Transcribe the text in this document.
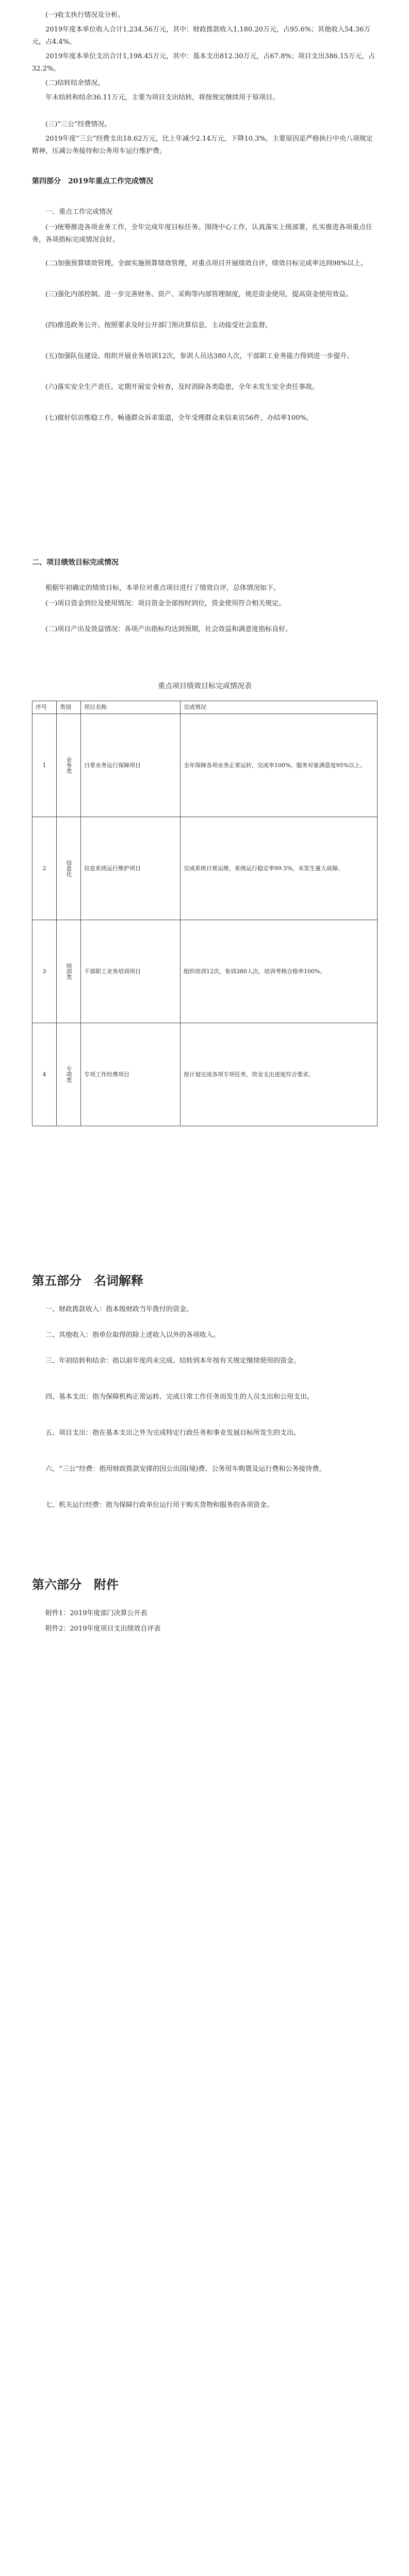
(一)收支执行情况及分析。

2019年度本单位收入合计1,234.56万元，其中：财政拨款收入1,180.20万元，占95.6%；其他收入54.36万元，占4.4%。

2019年度本单位支出合计1,198.45万元，其中：基本支出812.30万元，占67.8%；项目支出386.15万元，占32.2%。

(二)结转结余情况。

年末结转和结余36.11万元，主要为项目支出结转，将按规定继续用于原项目。

(三)“三公”经费情况。

2019年度“三公”经费支出18.62万元，比上年减少2.14万元，下降10.3%，主要原因是严格执行中央八项规定精神，压减公务接待和公务用车运行维护费。

第四部分　2019年重点工作完成情况

一、重点工作完成情况

(一)统筹推进各项业务工作，全年完成年度目标任务。围绕中心工作，认真落实上级部署，扎实推进各项重点任务，各项指标完成情况良好。

(二)加强预算绩效管理。全面实施预算绩效管理，对重点项目开展绩效自评，绩效目标完成率达到98%以上。

(三)强化内部控制。进一步完善财务、资产、采购等内部管理制度，规范资金使用，提高资金使用效益。

(四)推进政务公开。按照要求及时公开部门预决算信息，主动接受社会监督。

(五)加强队伍建设。组织开展业务培训12次，参训人员达380人次，干部职工业务能力得到进一步提升。

(六)落实安全生产责任。定期开展安全检查，及时消除各类隐患，全年未发生安全责任事故。

(七)做好信访维稳工作。畅通群众诉求渠道，全年受理群众来信来访56件，办结率100%。

二、项目绩效目标完成情况

根据年初确定的绩效目标，本单位对重点项目进行了绩效自评，总体情况如下。

(一)项目资金到位及使用情况：项目资金全部按时到位，资金使用符合相关规定。

(二)项目产出及效益情况：各项产出指标均达到预期，社会效益和满意度指标良好。

重点项目绩效目标完成情况表

序号	类别	项目名称	完成情况
1	业务类	日常业务运行保障项目	全年保障各项业务正常运转，完成率100%，服务对象满意度95%以上。
2	信息化	信息系统运行维护项目	完成系统日常运维，系统运行稳定率99.5%，未发生重大故障。
3	培训类	干部职工业务培训项目	组织培训12次，参训380人次，培训考核合格率100%。
4	专项类	专项工作经费项目	按计划完成各项专项任务，资金支出进度符合要求。

第五部分　名词解释

一、财政拨款收入：指本级财政当年拨付的资金。

二、其他收入：指单位取得的除上述收入以外的各项收入。

三、年初结转和结余：指以前年度尚未完成、结转到本年按有关规定继续使用的资金。

四、基本支出：指为保障机构正常运转、完成日常工作任务而发生的人员支出和公用支出。

五、项目支出：指在基本支出之外为完成特定行政任务和事业发展目标所发生的支出。

六、“三公”经费：指用财政拨款安排的因公出国(境)费、公务用车购置及运行费和公务接待费。

七、机关运行经费：指为保障行政单位运行用于购买货物和服务的各项资金。

第六部分　附件

附件1：2019年度部门决算公开表

附件2：2019年度项目支出绩效自评表
